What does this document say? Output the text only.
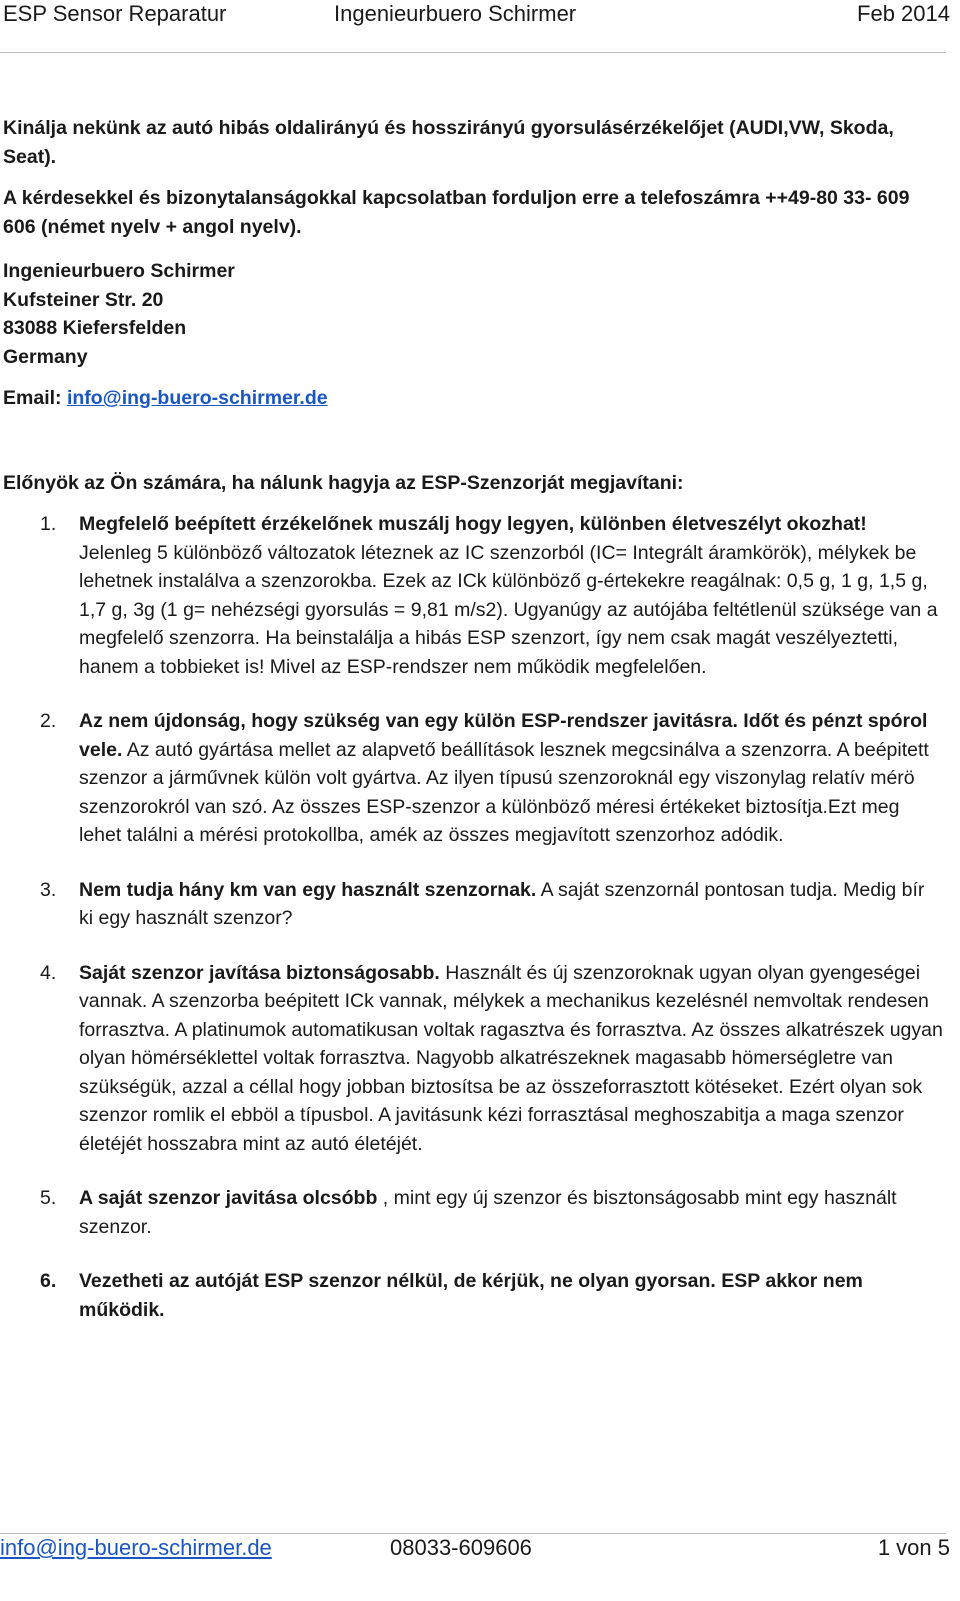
ESP Sensor Reparatur	Ingenieurbuero Schirmer	Feb 2014

Kinálja nekünk az autó hibás oldalirányú és hosszirányú gyorsulásérzékelőjet (AUDI,VW, Skoda, Seat).

A kérdesekkel és bizonytalanságokkal kapcsolatban forduljon erre a telefoszámra ++49-80 33- 609 606 (német nyelv + angol nyelv).

Ingenieurbuero Schirmer

Kufsteiner Str. 20

83088 Kiefersfelden

Germany

Email: info@ing-buero-schirmer.de

Előnyök az Ön számára, ha nálunk hagyja az ESP-Szenzorját megjavítani:

1. Megfelelő beépített érzékelőnek muszálj hogy legyen, különben életveszélyt okozhat! Jelenleg 5 különböző változatok léteznek az IC szenzorból (IC= Integrált áramkörök), mélykek be lehetnek instalálva a szenzorokba. Ezek az ICk különböző g-értekekre reagálnak: 0,5 g, 1 g, 1,5 g, 1,7 g, 3g (1 g= nehézségi gyorsulás = 9,81 m/s2). Ugyanúgy az autójába feltétlenül szüksége van a megfelelő szenzorra. Ha beinstalálja a hibás ESP szenzort, így nem csak magát veszélyeztetti, hanem a tobbieket is! Mivel az ESP-rendszer nem működik megfelelően.
2. Az nem újdonság, hogy szükség van egy külön ESP-rendszer javitásra. Időt és pénzt spórol vele. Az autó gyártása mellet az alapvető beállítások lesznek megcsinálva a szenzorra. A beépitett szenzor a járművnek külön volt gyártva. Az ilyen típusú szenzoroknál egy viszonylag relatív mérö szenzorokról van szó. Az összes ESP-szenzor a különböző méresi értékeket biztosítja.Ezt meg lehet találni a mérési protokollba, amék az összes megjavított szenzorhoz adódik.
3. Nem tudja hány km van egy használt szenzornak. A saját szenzornál pontosan tudja. Medig bír ki egy használt szenzor?
4. Saját szenzor javítása biztonságosabb. Használt és új szenzoroknak ugyan olyan gyengeségei vannak. A szenzorba beépitett ICk vannak, mélykek a mechanikus kezelésnél nemvoltak rendesen forrasztva. A platinumok automatikusan voltak ragasztva és forrasztva. Az összes alkatrészek ugyan olyan hömérséklettel voltak forrasztva. Nagyobb alkatrészeknek magasabb hömerségletre van szükségük, azzal a céllal hogy jobban biztosítsa be az összeforrasztott kötéseket. Ezért olyan sok szenzor romlik el ebböl a típusbol. A javitásunk kézi forrasztásal meghoszabitja a maga szenzor életéjét hosszabra mint az autó életéjét.
5. A saját szenzor javitása olcsóbb , mint egy új szenzor és bisztonságosabb mint egy használt szenzor.
6. Vezetheti az autóját ESP szenzor nélkül, de kérjük, ne olyan gyorsan. ESP akkor nem működik.
info@ing-buero-schirmer.de	08033-609606	1 von 5
